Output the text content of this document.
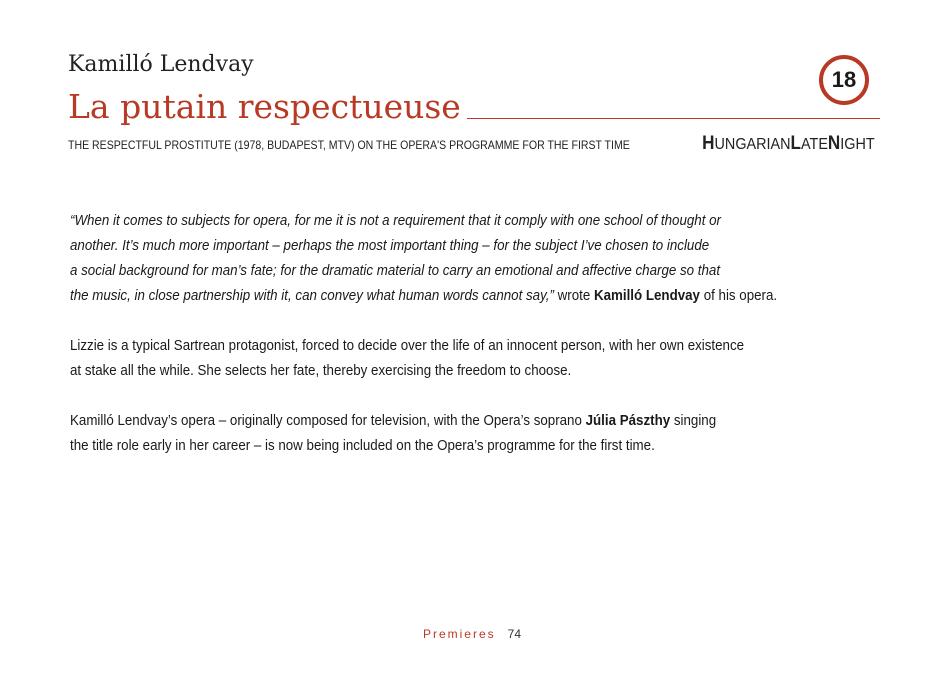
Kamilló Lendvay
18
La putain respectueuse
THE RESPECTFUL PROSTITUTE (1978, BUDAPEST, MTV) ON THE OPERA'S PROGRAMME FOR THE FIRST TIME	HUNGARIANLATENIGHT

“When it comes to subjects for opera, for me it is not a requirement that it comply with one school of thought or
another. It’s much more important – perhaps the most important thing – for the subject I’ve chosen to include
a social background for man’s fate; for the dramatic material to carry an emotional and affective charge so that
the music, in close partnership with it, can convey what human words cannot say,” wrote Kamilló Lendvay of his opera.

Lizzie is a typical Sartrean protagonist, forced to decide over the life of an innocent person, with her own existence
at stake all the while. She selects her fate, thereby exercising the freedom to choose.

Kamilló Lendvay’s opera – originally composed for television, with the Opera’s soprano Júlia Pászthy singing
the title role early in her career – is now being included on the Opera’s programme for the first time.

Premieres 74
